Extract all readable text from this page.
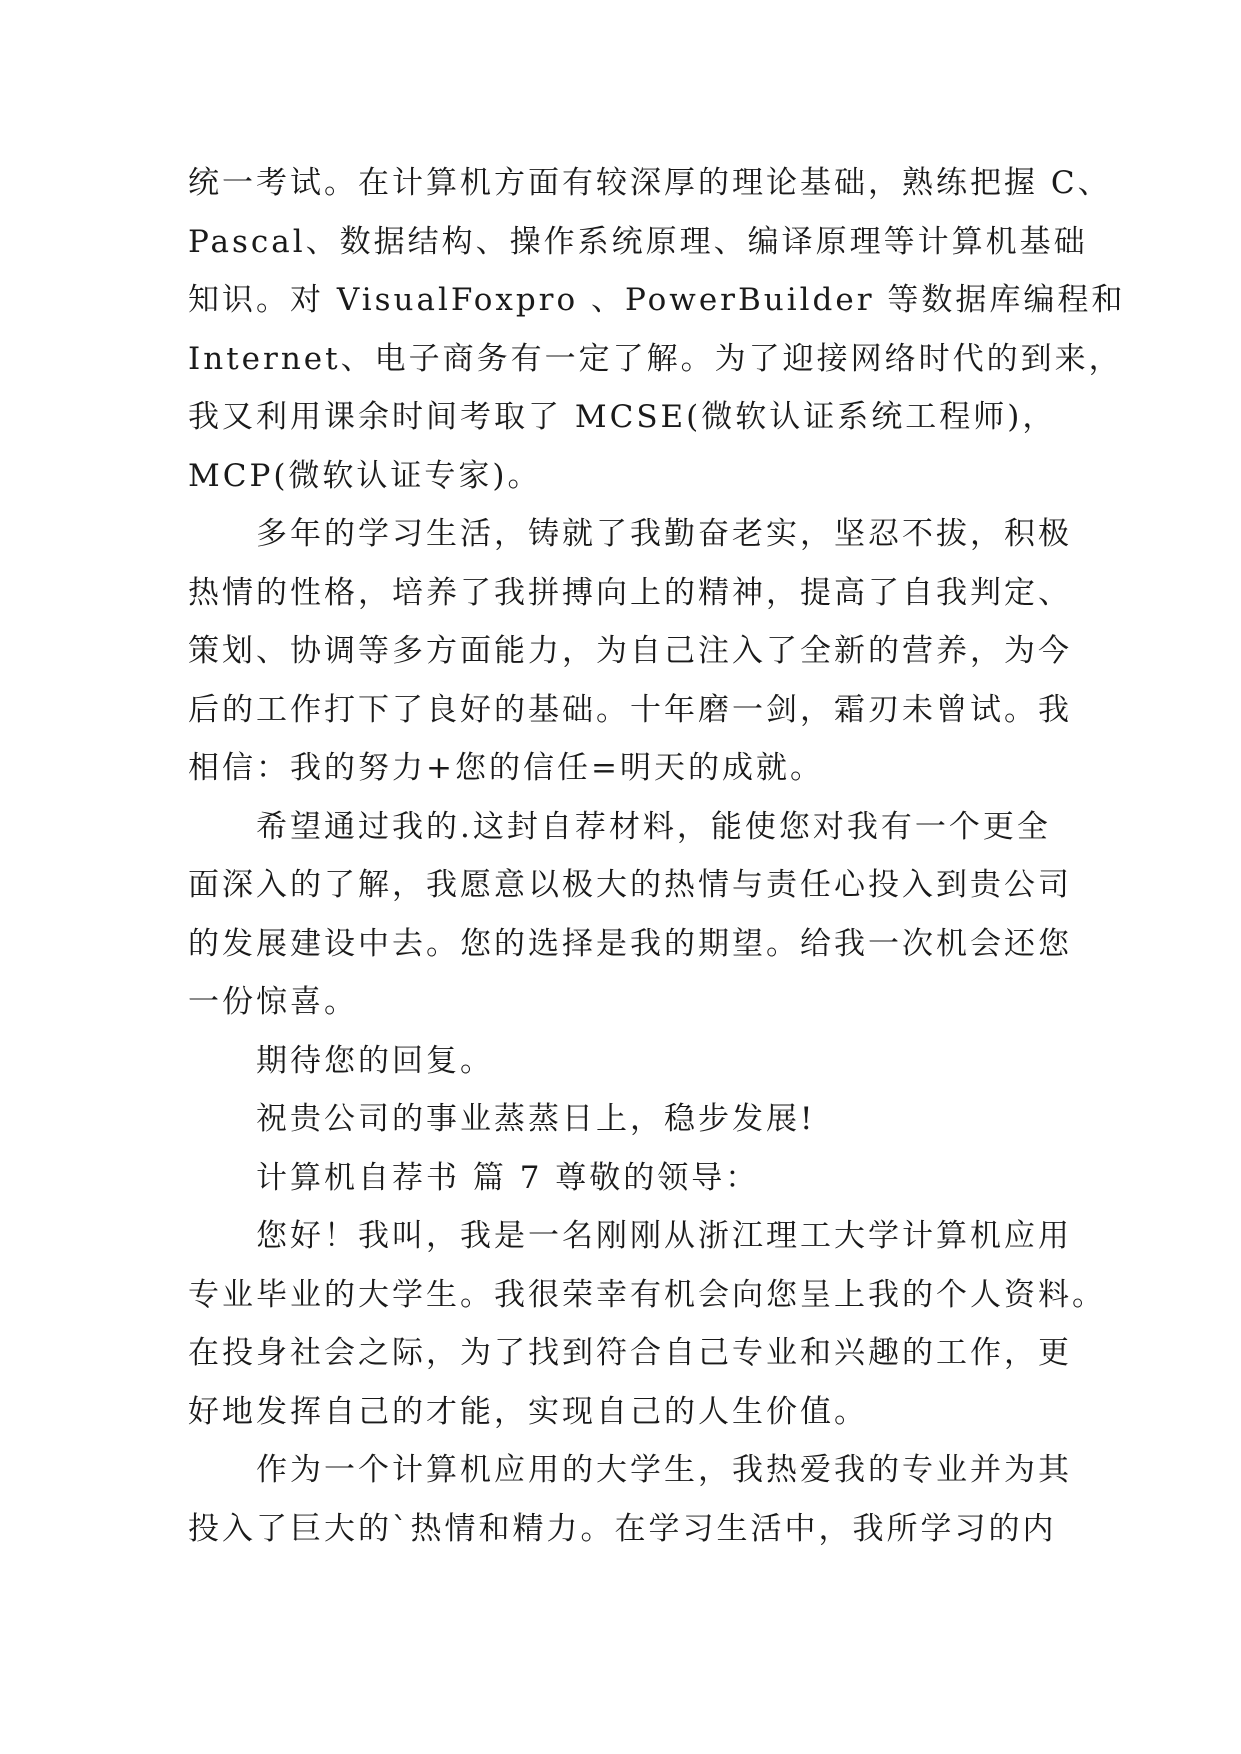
统一考试。在计算机方面有较深厚的理论基础，熟练把握 C、
Pascal、数据结构、操作系统原理、编译原理等计算机基础
知识。对 VisualFoxpro 、PowerBuilder 等数据库编程和
Internet、电子商务有一定了解。为了迎接网络时代的到来，
我又利用课余时间考取了 MCSE(微软认证系统工程师)，
MCP(微软认证专家)。
多年的学习生活，铸就了我勤奋老实，坚忍不拔，积极
热情的性格，培养了我拼搏向上的精神，提高了自我判定、
策划、协调等多方面能力，为自己注入了全新的营养，为今
后的工作打下了良好的基础。十年磨一剑，霜刃未曾试。我
相信：我的努力+您的信任=明天的成就。
希望通过我的.这封自荐材料，能使您对我有一个更全
面深入的了解，我愿意以极大的热情与责任心投入到贵公司
的发展建设中去。您的选择是我的期望。给我一次机会还您
一份惊喜。
期待您的回复。
祝贵公司的事业蒸蒸日上，稳步发展!
计算机自荐书 篇 7 尊敬的领导：
您好！我叫，我是一名刚刚从浙江理工大学计算机应用
专业毕业的大学生。我很荣幸有机会向您呈上我的个人资料。
在投身社会之际，为了找到符合自己专业和兴趣的工作，更
好地发挥自己的才能，实现自己的人生价值。
作为一个计算机应用的大学生，我热爱我的专业并为其
投入了巨大的`热情和精力。在学习生活中，我所学习的内
